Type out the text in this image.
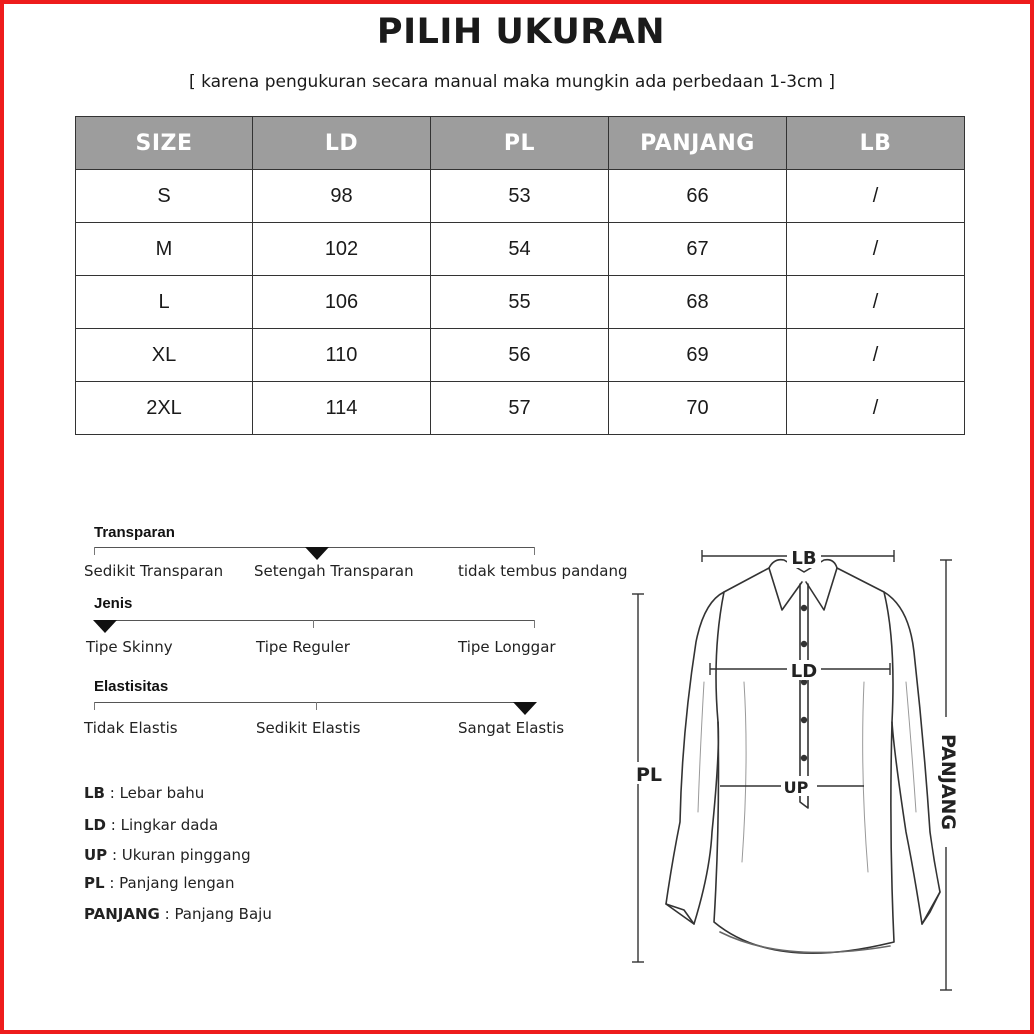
PILIH UKURAN
[ karena pengukuran secara manual maka mungkin ada perbedaan 1-3cm ]
SIZE	LD	PL	PANJANG	LB
S	98	53	66	/
M	102	54	67	/
L	106	55	68	/
XL	110	56	69	/
2XL	114	57	70	/
Transparan
Sedikit Transparan Setengah Transparan	tidak tembus pandang
Jenis
Tipe Skinny	Tipe Reguler	Tipe Longgar
Elastisitas
Tidak Elastis	Sedikit Elastis	Sangat Elastis
LB : Lebar bahu
LD : Lingkar dada
UP : Ukuran pinggang
PL : Panjang lengan
PANJANG : Panjang Baju
LB
LD
UP
PL	PANJANG
